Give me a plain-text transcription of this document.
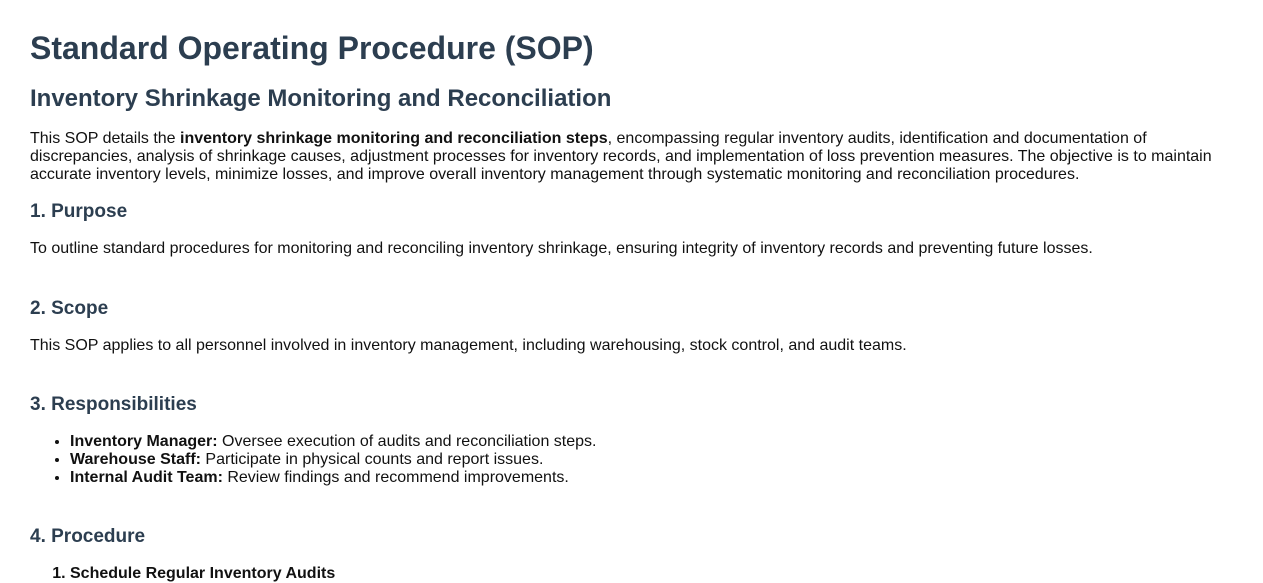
Standard Operating Procedure (SOP)
Inventory Shrinkage Monitoring and Reconciliation

This SOP details the inventory shrinkage monitoring and reconciliation steps, encompassing regular inventory audits, identification and documentation of discrepancies, analysis of shrinkage causes, adjustment processes for inventory records, and implementation of loss prevention measures. The objective is to maintain accurate inventory levels, minimize losses, and improve overall inventory management through systematic monitoring and reconciliation procedures.

1. Purpose

To outline standard procedures for monitoring and reconciling inventory shrinkage, ensuring integrity of inventory records and preventing future losses.

2. Scope

This SOP applies to all personnel involved in inventory management, including warehousing, stock control, and audit teams.

3. Responsibilities
• Inventory Manager: Oversee execution of audits and reconciliation steps.
• Warehouse Staff: Participate in physical counts and report issues.
• Internal Audit Team: Review findings and recommend improvements.
4. Procedure
1. Schedule Regular Inventory Audits
